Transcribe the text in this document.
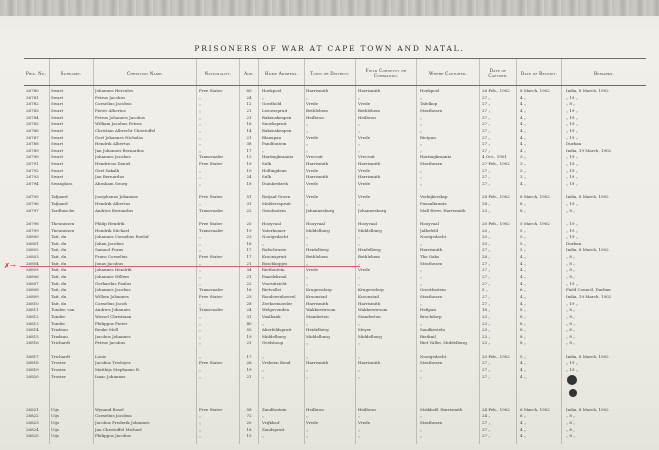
PRISONERS OF WAR AT CAPE TOWN AND NATAL.
Pris. No.	Surname.	Christian Name.	Nationality.	Age.	Home Address.	Town or District.	Field Cornetcy or Commando.	Where Captured.	Date of Capture.	Date of Receipt.	Remarks.
26780	Swart	Johannes Hercules	Free Stater	60	Hoekpoel	Harrismith	Harrismith	Hoekpoel	26 Feb., 1902	8 March, 1902	India, 8 March, 1902
26781	Swart	Petrus Jacobus	„	24	„	„	„	„	27 „	4 „	„ 19 „
26782	Swart	Cornelius Jacobus	„	12	Goedhold	Vrede	Vrede	Tafelkop	27 „	4 „	„ 8 „
26783	Swart	Pieter Albertus	„	21	Leeuwspruit	Bethlehem	Bethlehem	Strathearn	27 „	4 „	„ 19 „
26784	Swart	Petrus Johannes Jacobus	„	21	Bakenskeapen	Heilbron	Heilbron	„	27 „	4 „	„ 19 „
26785	Swart	William Jacobus Petrus	„	16	Snoekspruit	„	„	„	27 „	4 „	„ 19 „
26786	Swart	Christian Albrecht Christoffel	„	14	Bakenskeapen	„	„	„	27 „	4 „	„ 19 „
26787	Swart	Gert Johannes Nicholas	„	21	Blaaupan	Vrede	Vrede	Rietpan	27 „	4 „	„ 19 „
26788	Swart	Hendrik Albertus	„	38	Pandfontein	„	„	„	27 „	4 „	Durban
26789	Swart	Jan Johannes Bernardus	„	17	„	„	„	„	27 „	4 „	India, 19 March, 1902
26790	Swart	Johannes Jacobus	Transvaaler	13	Hartingkraantz	Vrecruit	Vrecruit	Hartingkraantz	4 Oct., 1901	3 „	„ 19 „
26791	Swart	Hendricus Daniel	Free Stater	19	Sulk	Harrismith	Harrismith	Strathearn	27 Feb., 1902	3 „	„ 19 „
26792	Swart	Gert Sakalk	„	19	Hollingdean	Vrede	Vrede	„	27 „	3 „	„ 19 „
26793	Swart	Jan Bernardus	„	24	Sulk	Harrismith	Harrismith	„	27 „	3 „	„ 19 „
26794	Swanglass	Abraham Georg	„	18	Duinkerkeek	Vrede	Vrede	„	27 „	4 „	„ 19 „
26795	Tafjaard	Josephenus Johannes	Free Stater	51	Rotjaaf Groen	Vrede	Vrede	Verkijkersksp	28 Feb., 1902	8 March, 1902	India, 8 March, 1902
26796	Tafjaard	Hendrik Albertus	„	31	Muldersspruit	„	„	Pusnalkrantz	28 „	8 „	„ 19 „
26797	Tardbasche	Andries Bernardus	Transvaaler	22	Grasfontein	Johannesburg	Johannesburg	Mall River, Harrismith	23 „	8 „	„ 8 „
26798	Theunissen	Philip Hendrik	Free Stater	25	Hooyvaal	Hooyvaal	Hooyvaal	Hooyvaal	20 Feb., 1902	5 March, 1902	„ 19 „
26799	Theunissen	Hendrik Michael	Transvaaler	19	Yaterkomer	Middelburg	Middelburg	Jafbefeld	20 „	5 „	„ 19 „
26800	Tait, du	Johannes Cornelius Roelof	„	23	Nootgedacht	„	„	Nootgedacht	20 „	5 „	„ 19 „
26801	Tait, du	Johan Jacobus	„	16	„	„	„	„	20 „	5 „	Durban
26802	Tait, du	Samuel Frans	„	17	Rafschruste	Heidelberg	Heidelberg	Harrismith	27 „	5 „	India, 8 March, 1902
26803	Tait, du	Frans Cornelius	Free Stater	17	Kroonspruit	Bethlehem	Bethlehem	The Oaks	28 „	4 „	„ 8 „
26804	Tait, du	Jonas Jacobus	„	21	Boschkopjes	„	„	Strathearn	27 „	4 „	„ 8 „
26805	Tait, du	Johannes Hendrik	„	34	Rietfontein	Vrede	Vrede	„	27 „	4 „	„ 8 „
26806	Tait, du	Johannes Willem	„	21	Paardekraal	„	„	„	27 „	4 „	„ 8 „
26807	Tait, du	Gerhardus Paulus	„	22	Vooruitzicht	„	„	„	27 „	4 „	„ 19 „
26808	Tait, du	Johannes Jacobus	Transvaaler	16	Rietvallei	Krugersdorp	Krugersdorp	Grootfontein	5 „	6 „	Field Council, Durban
26809	Tait, du	Willem Johannes	Free Stater	23	Roodeeenheuvel	Kroonstad	Kroonstad	Strathearn	27 „	4 „	India, 19 March, 1902
26810	Tait, du	Cornelius Jacob	„	28	Zeekoemoeder	Harrismith	Harrismith	„	27 „	4 „	„ 19 „
26811	Tonder, van	Andries Johannes	Transvaaler	24	Welgevonden	Wakkerstroom	Wakkerstroom	Heilpan	18 „	8 „	„ 8 „
26812	Tonder	Wessel Christiaan	„	31	Vaalbank	Standerton	Standerton	Brochdorp	23 „	8 „	„ 8 „
26813	Tonder	Philippus Pieter	„	40	„	„	„	„	23 „	8 „	„ 8 „
26814	Tradeau	Renke Moll	„	55	Aberfeldspruit	Heidelberg	Meyer	Sandkesteln	23 „	8 „	„ 8 „
26815	Tradeau	Jacobus Johannes	„	19	Middelburg	Middelburg	Middelburg	Rietkuil	23 „	8 „	„ 8 „
26816	Trichardt	Petrus Jacobus	„	21	Geelshoop	„	„	Riet Vallei, Middelburg	23 „	8 „	„ 8 „
26817	Trichardt	Louis	„	17	„	„	„	Nootgedacht	20 Feb., 1902	5 „	India, 8 March, 1902
26818	Troster	Jacobus Tredoyes	Free Stater	26	Vrsbeen Bond	Harrismith	Harrismith	Strathearn	27 „	4 „	„ 19 „
26819	Troster	Matthijs Stephanus R.	„	19	„	„	„	„	27 „	4 „	„ 19 „
26820	Troster	Isaac Johannes	„	21	„	„	„	„	27 „	4 „
26821	Uijs	Wynand Bosel	Free Stater	58	Zandfontein	Heilbron	Heilbron	Strikhoff, Harrismith	24 Feb., 1902	6 March, 1902	India, 8 March, 1902
26822	Uijs	Cornelius Jacobus	„	72	„	„	„	„	24 „	6 „	„ 8 „
26823	Uijs	Jacobus Frederik Johannes	„	20	Vrijkloof	Vrede	Vrede	Strathearn	27 „	4 „	„ 8 „
26824	Uijs	Jan Christoffel Michael	„	18	Zandspruit	„	„	„	27 „	4 „	„ 8 „
26825	Uijs	Philippus Jacobus	„	15	„	„	„	„	27 „	4 „	„ 8 „
✗→
